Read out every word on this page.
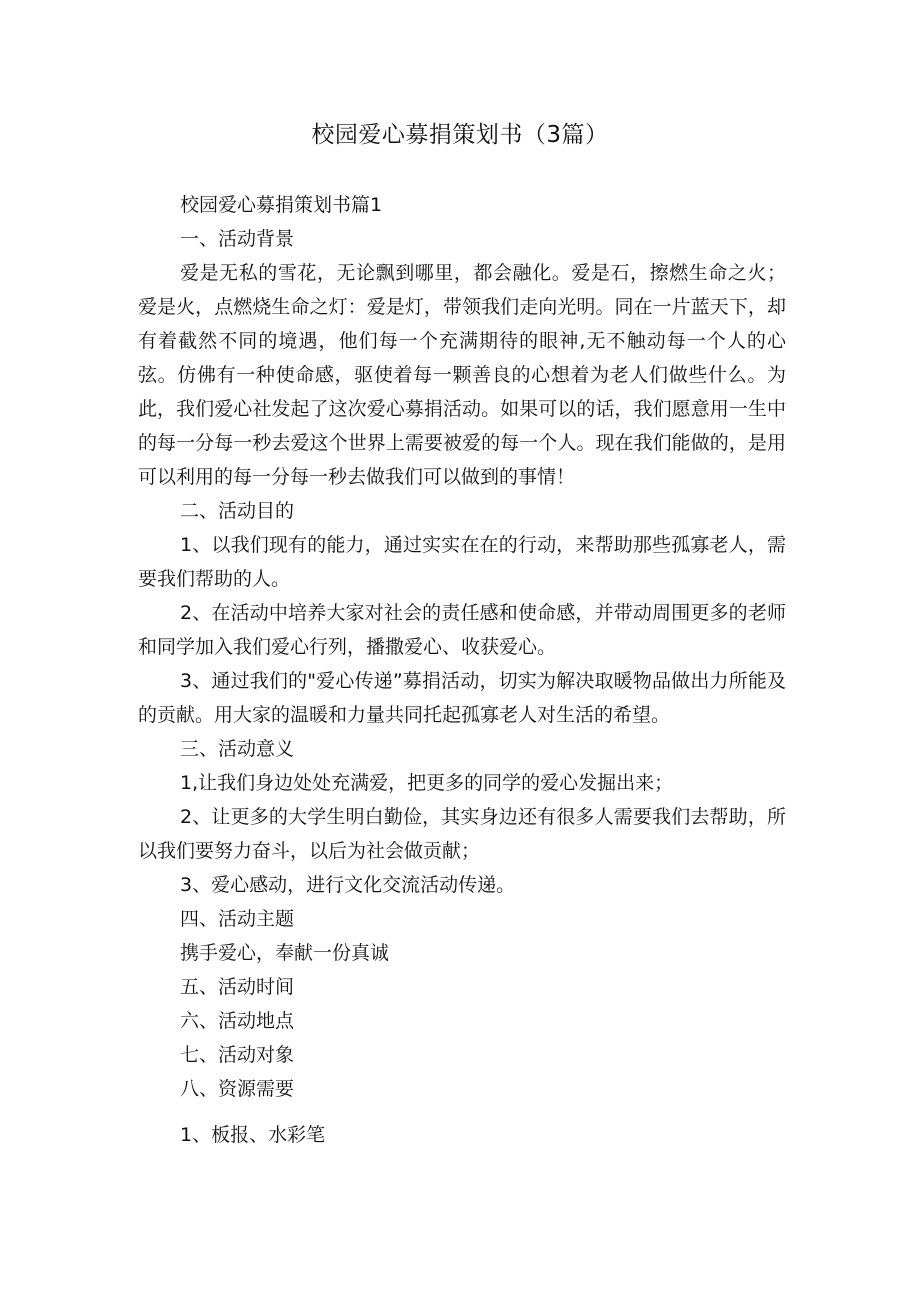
校园爱心募捐策划书（3篇）

校园爱心募捐策划书篇1

一、活动背景

爱是无私的雪花，无论飘到哪里，都会融化。爱是石，擦燃生命之火；爱是火，点燃烧生命之灯：爱是灯，带领我们走向光明。同在一片蓝天下，却有着截然不同的境遇，他们每一个充满期待的眼神,无不触动每一个人的心弦。仿佛有一种使命感，驱使着每一颗善良的心想着为老人们做些什么。为此，我们爱心社发起了这次爱心募捐活动。如果可以的话，我们愿意用一生中的每一分每一秒去爱这个世界上需要被爱的每一个人。现在我们能做的，是用可以利用的每一分每一秒去做我们可以做到的事情！

二、活动目的

1、以我们现有的能力，通过实实在在的行动，来帮助那些孤寡老人，需要我们帮助的人。

2、在活动中培养大家对社会的责任感和使命感，并带动周围更多的老师和同学加入我们爱心行列，播撒爱心、收获爱心。

3、通过我们的"爱心传递”募捐活动，切实为解决取暖物品做出力所能及的贡献。用大家的温暖和力量共同托起孤寡老人对生活的希望。

三、活动意义

1,让我们身边处处充满爱，把更多的同学的爱心发掘出来；

2、让更多的大学生明白勤俭，其实身边还有很多人需要我们去帮助，所以我们要努力奋斗，以后为社会做贡献；

3、爱心感动，进行文化交流活动传递。

四、活动主题

携手爱心，奉献一份真诚

五、活动时间

六、活动地点

七、活动对象

八、资源需要

1、板报、水彩笔
